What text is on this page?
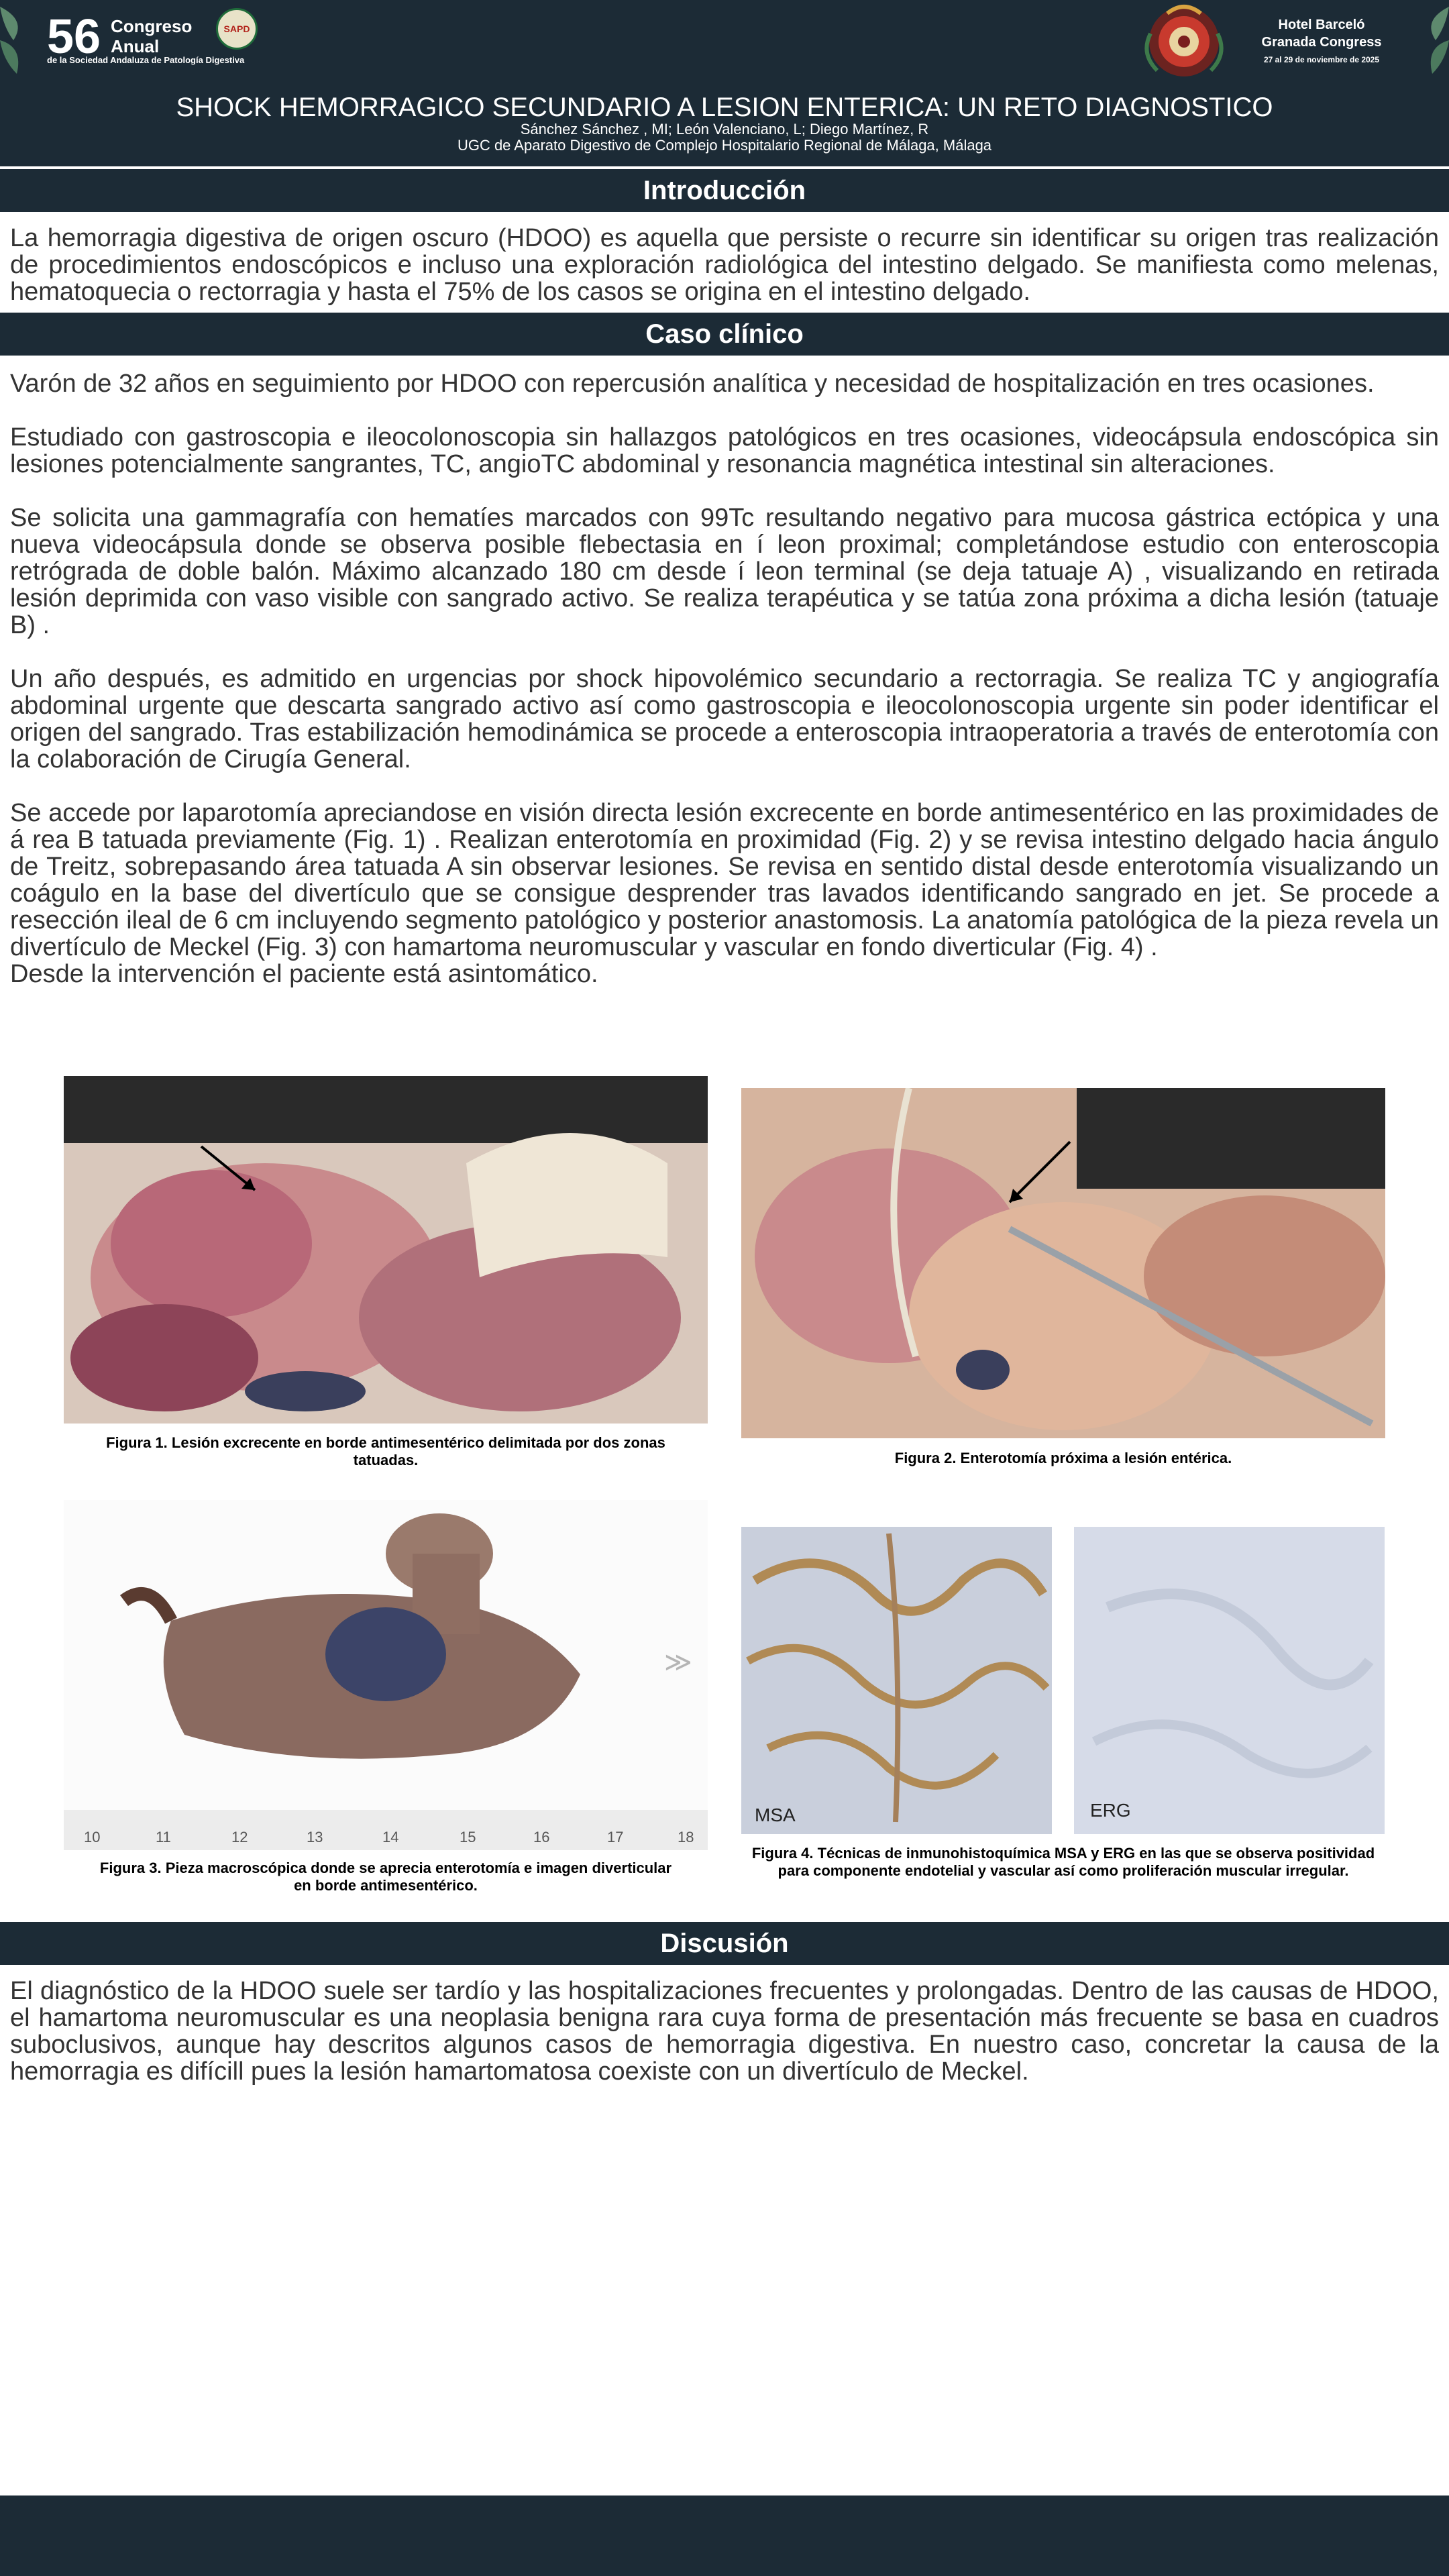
56 Congreso
Anual
de la Sociedad Andaluza de Patología Digestiva
SAPD	Hotel Barceló
Granada Congress
27 al 29 de noviembre de 2025
SHOCK HEMORRAGICO SECUNDARIO A LESION ENTERICA: UN RETO DIAGNOSTICO
Sánchez Sánchez , MI; León Valenciano, L; Diego Martínez, R
UGC de Aparato Digestivo de Complejo Hospitalario Regional de Málaga, Málaga
Introducción

La hemorragia digestiva de origen oscuro (HDOO) es aquella que persiste o recurre sin identificar su origen tras realización de procedimientos endoscópicos e incluso una exploración radiológica del intestino delgado. Se manifiesta como melenas, hematoquecia o rectorragia y hasta el 75% de los casos se origina en el intestino delgado.

Caso clínico

Varón de 32 años en seguimiento por HDOO con repercusión analítica y necesidad de hospitalización en tres ocasiones.

Estudiado con gastroscopia e ileocolonoscopia sin hallazgos patológicos en tres ocasiones, videocápsula endoscópica sin lesiones potencialmente sangrantes, TC, angioTC abdominal y resonancia magnética intestinal sin alteraciones.

Se solicita una gammagrafía con hematíes marcados con 99Tc resultando negativo para mucosa gástrica ectópica y una nueva videocápsula donde se observa posible flebectasia en í leon proximal; completándose estudio con enteroscopia retrógrada de doble balón. Máximo alcanzado 180 cm desde í leon terminal (se deja tatuaje A) , visualizando en retirada lesión deprimida con vaso visible con sangrado activo. Se realiza terapéutica y se tatúa zona próxima a dicha lesión (tatuaje B) .

Un año después, es admitido en urgencias por shock hipovolémico secundario a rectorragia. Se realiza TC y angiografía abdominal urgente que descarta sangrado activo así como gastroscopia e ileocolonoscopia urgente sin poder identificar el origen del sangrado. Tras estabilización hemodinámica se procede a enteroscopia intraoperatoria a través de enterotomía con la colaboración de Cirugía General.

Se accede por laparotomía apreciandose en visión directa lesión excrecente en borde antimesentérico en las proximidades de á rea B tatuada previamente (Fig. 1) . Realizan enterotomía en proximidad (Fig. 2) y se revisa intestino delgado hacia ángulo de Treitz, sobrepasando área tatuada A sin observar lesiones. Se revisa en sentido distal desde enterotomía visualizando un coágulo en la base del divertículo que se consigue desprender tras lavados identificando sangrado en jet. Se procede a resección ileal de 6 cm incluyendo segmento patológico y posterior anastomosis. La anatomía patológica de la pieza revela un divertículo de Meckel (Fig. 3) con hamartoma neuromuscular y vascular en fondo diverticular (Fig. 4) .

Desde la intervención el paciente está asintomático.

Figura 1. Lesión excrecente en borde antimesentérico delimitada por dos zonas tatuadas.	Figura 2. Enterotomía próxima a lesión entérica.
≫
10	11	12	13	14	15	16	17	18
Figura 3. Pieza macroscópica donde se aprecia enterotomía e imagen diverticular en borde antimesentérico.
MSA	ERG
Figura 4. Técnicas de inmunohistoquímica MSA y ERG en las que se observa positividad para componente endotelial y vascular así como proliferación muscular irregular.
Discusión

El diagnóstico de la HDOO suele ser tardío y las hospitalizaciones frecuentes y prolongadas. Dentro de las causas de HDOO, el hamartoma neuromuscular es una neoplasia benigna rara cuya forma de presentación más frecuente se basa en cuadros suboclusivos, aunque hay descritos algunos casos de hemorragia digestiva. En nuestro caso, concretar la causa de la hemorragia es difícill pues la lesión hamartomatosa coexiste con un divertículo de Meckel.
